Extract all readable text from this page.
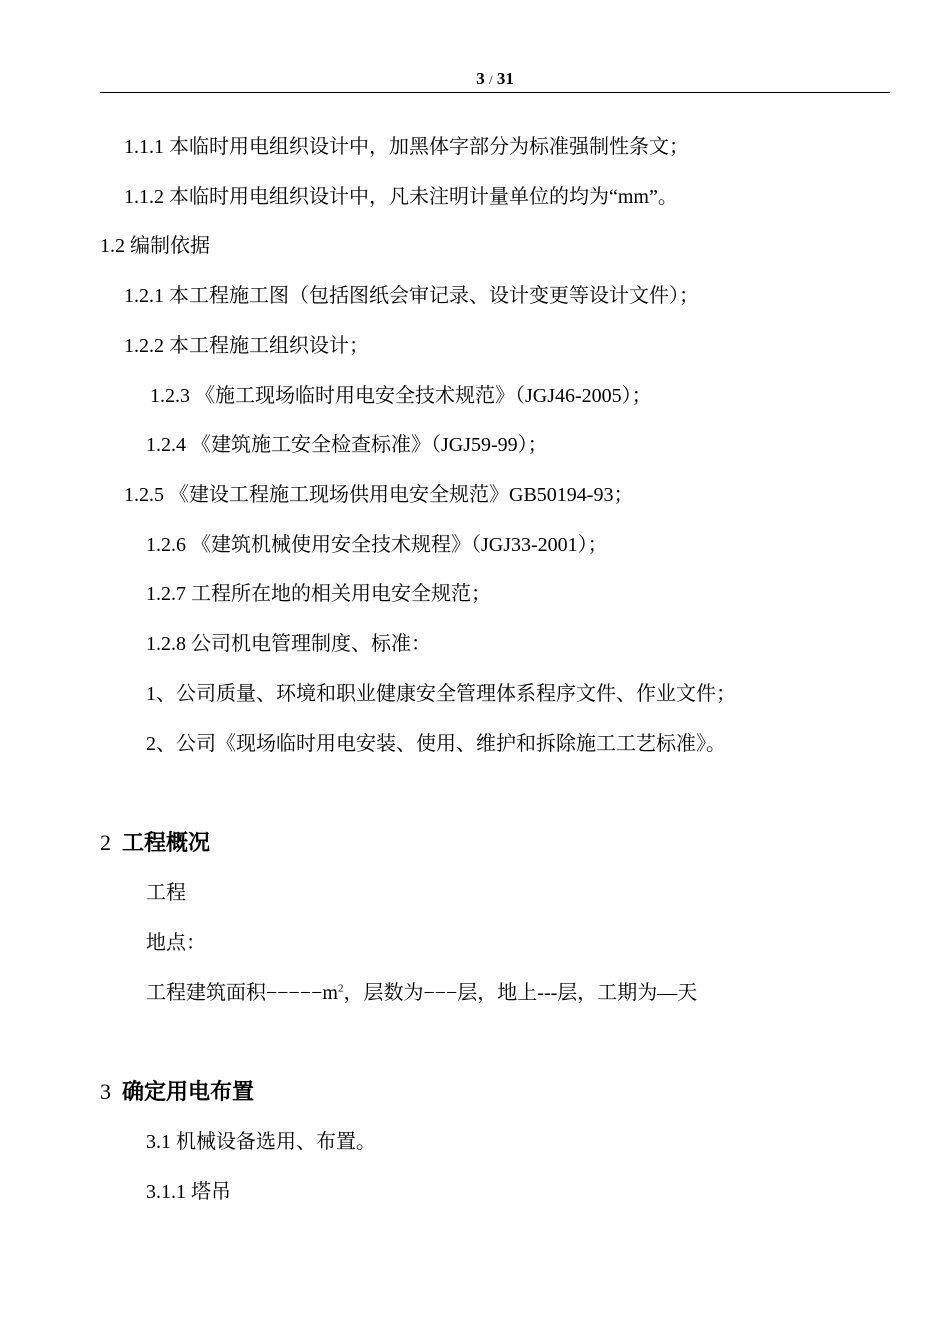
3 / 31
1.1.1 本临时用电组织设计中，加黑体字部分为标准强制性条文；
1.1.2 本临时用电组织设计中，凡未注明计量单位的均为“mm”。
1.2 编制依据
1.2.1 本工程施工图（包括图纸会审记录、设计变更等设计文件）；
1.2.2 本工程施工组织设计；
1.2.3 《施工现场临时用电安全技术规范》（JGJ46-2005）；
1.2.4 《建筑施工安全检查标准》（JGJ59-99）；
1.2.5 《建设工程施工现场供用电安全规范》GB50194-93；
1.2.6 《建筑机械使用安全技术规程》（JGJ33-2001）；
1.2.7 工程所在地的相关用电安全规范；
1.2.8 公司机电管理制度、标准：
1、公司质量、环境和职业健康安全管理体系程序文件、作业文件；
2、公司《现场临时用电安装、使用、维护和拆除施工工艺标准》。
2 工程概况
工程
地点：
工程建筑面积$-----m^2$，层数为−−−层，地上---层，工期为—天
3 确定用电布置
3.1 机械设备选用、布置。
3.1.1 塔吊
